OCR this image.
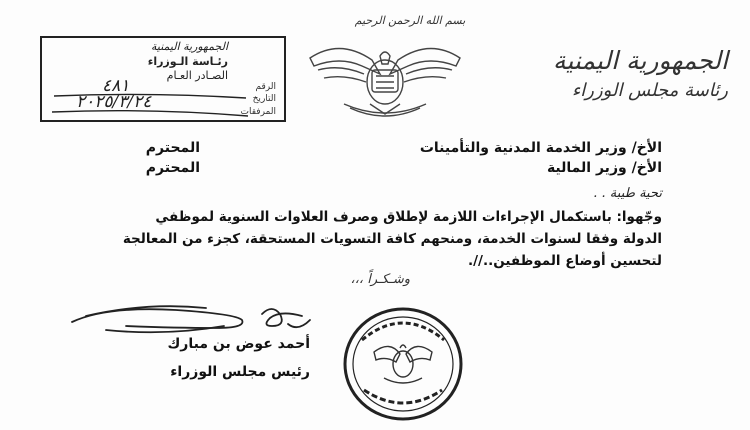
بسم الله الرحمن الرحيم
الجمهورية اليمنية
رئاسة مجلس الوزراء
الجمهورية اليمنية
رئـاسة الـوزراء
الصـادر العـام
الرقم
٤٨١
التاريخ
٢٠٢٥/٣/٢٤	المرفقات
الأخ/ وزير الخدمة المدنية والتأمينات
المحترم
الأخ/ وزير المالية
المحترم
تحية طيبة . .
وجّهوا: باستكمال الإجراءات اللازمة لإطلاق وصرف العلاوات السنوية لموظفي
الدولة وفقا لسنوات الخدمة، ومنحهم كافة التسويات المستحقة، كجزء من المعالجة
لتحسين أوضاع الموظفين..//.
وشـكـراً ،،،
أحمد عوض بن مبارك
رئيس مجلس الوزراء
